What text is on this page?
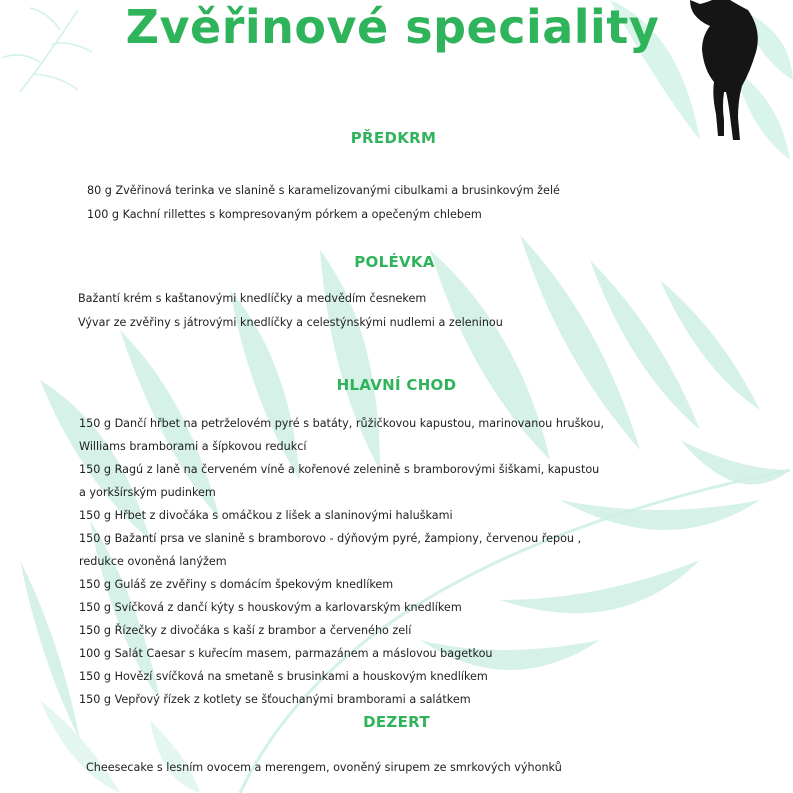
Zvěřinové speciality
PŘEDKRM
80 g Zvěřinová terinka ve slanině s karamelizovanými cibulkami a brusinkovým želé
100 g Kachní rillettes s kompresovaným pórkem a opečeným chlebem
POLÉVKA
Bažantí krém s kaštanovými knedlíčky a medvědím česnekem
Vývar ze zvěřiny s játrovými knedlíčky a celestýnskými nudlemi a zeleninou
HLAVNÍ CHOD
150 g Dančí hřbet na petrželovém pyré s batáty, růžičkovou kapustou, marinovanou hruškou,
Williams bramborami a šípkovou redukcí
150 g Ragú z laně na červeném víně a kořenové zelenině s bramborovými šiškami, kapustou
a yorkšírským pudinkem
150 g Hřbet z divočáka s omáčkou z lišek a slaninovými haluškami
150 g Bažantí prsa ve slanině s bramborovo - dýňovým pyré, žampiony, červenou řepou ,
redukce ovoněná lanýžem
150 g Guláš ze zvěřiny s domácím špekovým knedlíkem
150 g Svíčková z dančí kýty s houskovým a karlovarským knedlíkem
150 g Řízečky z divočáka s kaší z brambor a červeného zelí
100 g Salát Caesar s kuřecím masem, parmazánem a máslovou bagetkou
150 g Hovězí svíčková na smetaně s brusinkami a houskovým knedlíkem
150 g Vepřový řízek z kotlety se šťouchanými bramborami a salátkem
DEZERT
Cheesecake s lesním ovocem a merengem, ovoněný sirupem ze smrkových výhonků
